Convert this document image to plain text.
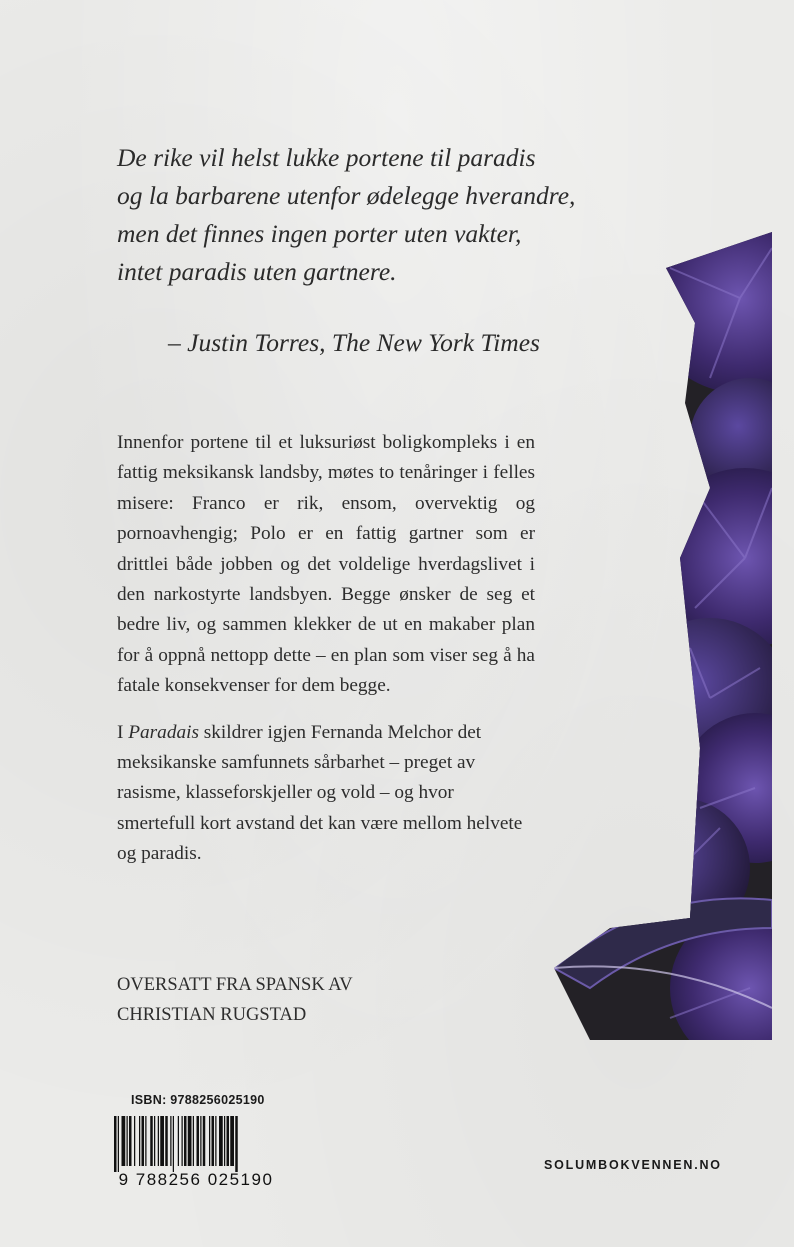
De rike vil helst lukke portene til paradis
og la barbarene utenfor ødelegge hverandre,
men det finnes ingen porter uten vakter,
intet paradis uten gartnere.
– Justin Torres, The New York Times

Innenfor portene til et luksuriøst boligkompleks i en fattig meksikansk landsby, møtes to tenåringer i felles misere: Franco er rik, ensom, overvektig og pornoavhengig; Polo er en fattig gartner som er drittlei både jobben og det voldelige hverdagslivet i den narkostyrte landsbyen. Begge ønsker de seg et bedre liv, og sammen klekker de ut en makaber plan for å oppnå nettopp dette – en plan som viser seg å ha fatale konsekvenser for dem begge.

I Paradais skildrer igjen Fernanda Melchor det meksikanske samfunnets sårbarhet – preget av rasisme, klasseforskjeller og vold – og hvor smertefull kort avstand det kan være mellom helvete og paradis.

OVERSATT FRA SPANSK AV
CHRISTIAN RUGSTAD
ISBN: 9788256025190
9 788256 025190
SOLUMBOKVENNEN.NO
